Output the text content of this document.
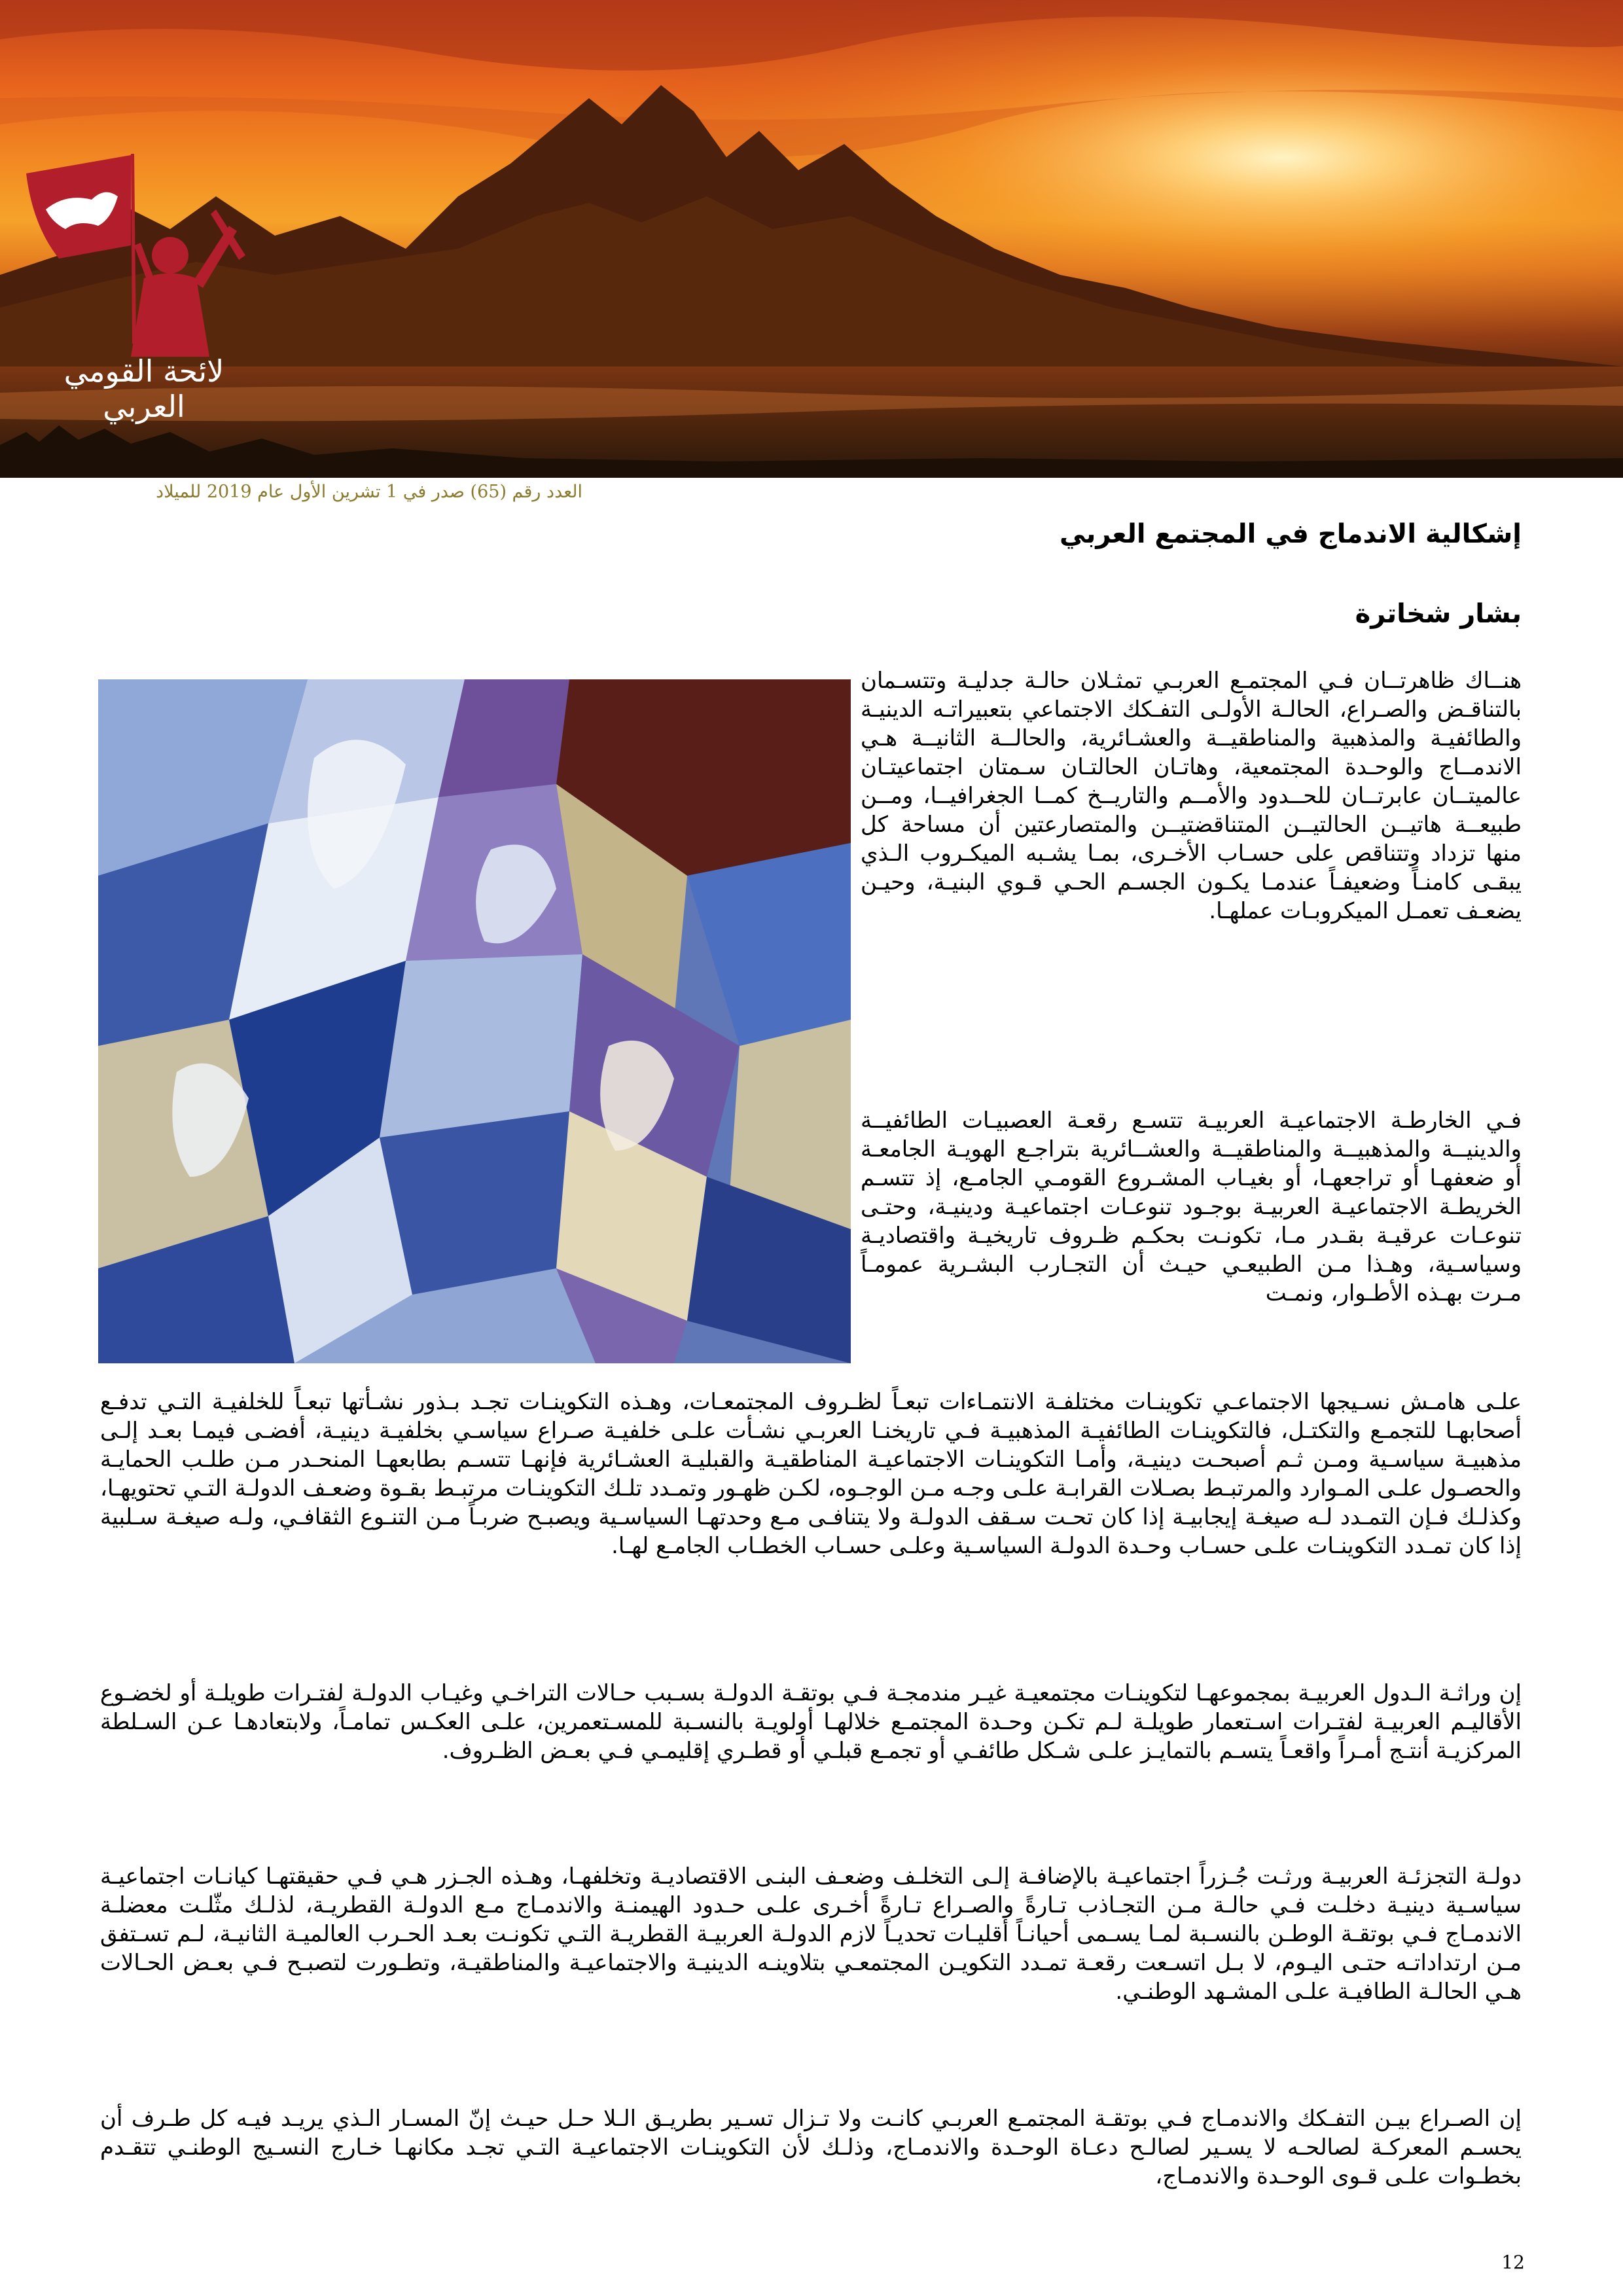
لائحة القومي العربي
العدد رقم (65) صدر في 1 تشرين الأول عام 2019 للميلاد
إشكالية الاندماج في المجتمع العربي
بشار شخاترة

هنــاك ظاهرتــان فـي المجتمـع العربـي تمثـلان حالـة جدليـة وتتسـمان بالتناقـض والصـراع، الحالـة الأولـى التفـكك الاجتماعي بتعبيراتـه الدينيـة والطائفيـة والمذهبية والمناطقيــة والعشـائرية، والحالــة الثانيــة هـي الاندمــاج والوحـدة المجتمعية، وهاتـان الحالتـان سـمتان اجتماعيتـان عالميتــان عابرتــان للحــدود والأمــم والتاريــخ كمــا الجغرافيــا، ومــن طبيعــة هاتيــن الحالتيــن المتناقضتيــن والمتصارعتين أن مساحة كل منها تزداد وتتناقص على حسـاب الأخـرى، بمـا يشـبه الميكـروب الـذي يبقـى كامنـاً وضعيفـاً عندمـا يكـون الجسـم الحـي قـوي البنيـة، وحيـن يضعـف تعمـل الميكروبـات عملهـا.

فـي الخارطـة الاجتماعيـة العربيـة تتسـع رقعـة العصبيـات الطائفيــة والدينيــة والمذهبيــة والمناطقيــة والعشــائرية بتراجـع الهويـة الجامعـة أو ضعفهـا أو تراجعهـا، أو بغيـاب المشـروع القومـي الجامـع، إذ تتسـم الخريطـة الاجتماعيـة العربيـة بوجـود تنوعـات اجتماعيـة ودينيـة، وحتـى تنوعـات عرقيـة بقـدر مـا، تكونـت بحكـم ظـروف تاريخيـة واقتصاديـة وسياسـية، وهـذا مـن الطبيعـي حيـث أن التجـارب البشـرية عمومـاً مـرت بهـذه الأطـوار، ونمـت

علـى هامـش نسـيجها الاجتماعـي تكوينـات مختلفـة الانتمـاءات تبعـاً لظـروف المجتمعـات، وهـذه التكوينـات تجـد بـذور نشـأتها تبعـاً للخلفيـة التـي تدفـع أصحابهـا للتجمـع والتكتـل، فالتكوينـات الطائفيـة المذهبيـة فـي تاريخنـا العربـي نشـأت علـى خلفيـة صـراع سياسـي بخلفيـة دينيـة، أفضـى فيمـا بعـد إلـى مذهبيـة سياسـية ومـن ثـم أصبحـت دينيـة، وأمـا التكوينـات الاجتماعيـة المناطقيـة والقبليـة العشـائرية فإنهـا تتسـم بطابعهـا المنحـدر مـن طلـب الحمايـة والحصـول علـى المـوارد والمرتبـط بصـلات القرابـة علـى وجـه مـن الوجـوه، لكـن ظهـور وتمـدد تلـك التكوينـات مرتبـط بقـوة وضعـف الدولـة التـي تحتويهـا، وكذلـك فـإن التمـدد لـه صيغـة إيجابيـة إذا كان تحـت سـقف الدولـة ولا يتنافـى مـع وحدتهـا السياسـية ويصبـح ضربـاً مـن التنـوع الثقافـي، ولـه صيغـة سـلبية إذا كان تمـدد التكوينـات علـى حسـاب وحـدة الدولـة السياسـية وعلـى حسـاب الخطـاب الجامـع لهـا.

إن وراثـة الـدول العربيـة بمجموعهـا لتكوينـات مجتمعيـة غيـر مندمجـة فـي بوتقـة الدولـة بسـبب حـالات التراخـي وغيـاب الدولـة لفتـرات طويلـة أو لخضـوع الأقاليـم العربيـة لفتـرات اسـتعمار طويلـة لـم تكـن وحـدة المجتمـع خلالهـا أولويـة بالنسـبة للمسـتعمرين، علـى العكـس تمامـاً، ولابتعادهـا عـن السـلطة المركزيـة أنتـج أمـراً واقعـاً يتسـم بالتمايـز علـى شـكل طائفـي أو تجمـع قبلـي أو قطـري إقليمـي فـي بعـض الظـروف.

دولـة التجزئـة العربيـة ورثـت جُـزراً اجتماعيـة بالإضافـة إلـى التخلـف وضعـف البنـى الاقتصاديـة وتخلفهـا، وهـذه الجـزر هـي فـي حقيقتهـا كيانـات اجتماعيـة سياسـية دينيـة دخلـت فـي حالـة مـن التجـاذب تـارةً والصـراع تـارةً أخـرى علـى حـدود الهيمنـة والاندمـاج مـع الدولـة القطريـة، لذلـك مثّلـت معضلـة الاندمـاج فـي بوتقـة الوطـن بالنسـبة لمـا يسـمى أحيانـاً أقليـات تحديـاً لازم الدولـة العربيـة القطريـة التـي تكونـت بعـد الحـرب العالميـة الثانيـة، لـم تسـتفق مـن ارتداداتـه حتـى اليـوم، لا بـل اتسـعت رقعـة تمـدد التكويـن المجتمعـي بتلاوينـه الدينيـة والاجتماعيـة والمناطقيـة، وتطـورت لتصبـح فـي بعـض الحـالات هـي الحالـة الطافيـة علـى المشـهد الوطنـي.

إن الصـراع بيـن التفـكك والاندمـاج فـي بوتقـة المجتمـع العربـي كانـت ولا تـزال تسـير بطريـق الـلا حـل حيـث إنّ المسـار الـذي يريـد فيـه كل طـرف أن يحسـم المعركـة لصالحـه لا يسـير لصالـح دعـاة الوحـدة والاندمـاج، وذلـك لأن التكوينـات الاجتماعيـة التـي تجـد مكانهـا خـارج النسـيج الوطنـي تتقـدم بخطـوات علـى قـوى الوحـدة والاندمـاج،

12
